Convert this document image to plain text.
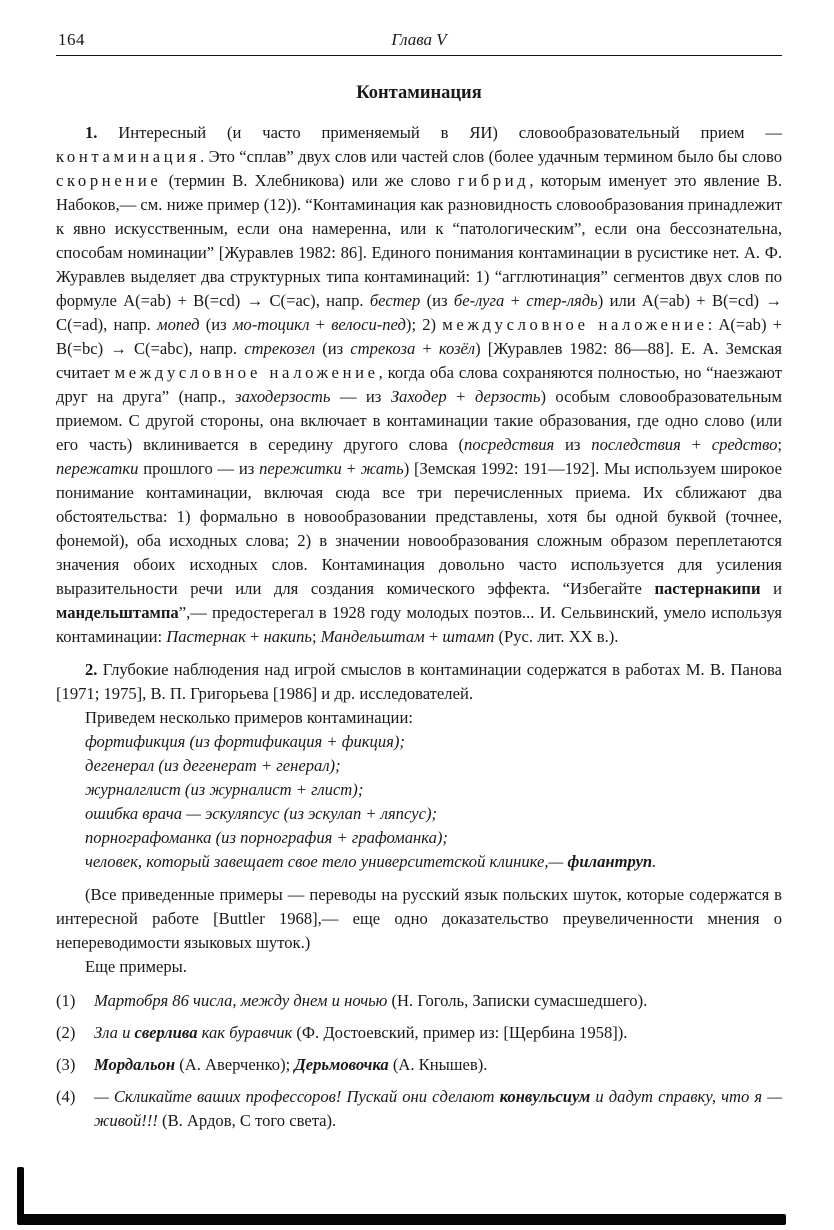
164	Глава V
Контаминация

1. Интересный (и часто применяемый в ЯИ) словообразовательный прием — контаминация. Это “сплав” двух слов или частей слов (более удачным термином было бы слово скорнение (термин В. Хлебникова) или же слово гибрид, которым именует это явление В. Набоков,— см. ниже пример (12)). “Контаминация как разновидность словообразования принадлежит к явно искусственным, если она намеренна, или к “патологическим”, если она бессознательна, способам номинации” [Журавлев 1982: 86]. Единого понимания контаминации в русистике нет. А. Ф. Журавлев выделяет два структурных типа контаминаций: 1) “агглютинация” сегментов двух слов по формуле A(=ab) + B(=cd) → C(=ac), напр. бестер (из бе-луга + стер-лядь) или A(=ab) + B(=cd) → C(=ad), напр. мопед (из мо-тоцикл + велоси-пед); 2) междусловное наложение: A(=ab) + B(=bc) → C(=abc), напр. стрекозел (из стрекоза + козёл) [Журавлев 1982: 86—88]. Е. А. Земская считает междусловное наложение, когда оба слова сохраняются полностью, но “наезжают друг на друга” (напр., заходерзость — из Заходер + дерзость) особым словообразовательным приемом. С другой стороны, она включает в контаминации такие образования, где одно слово (или его часть) вклинивается в середину другого слова (посредствия из последствия + средство; пережатки прошлого — из пережитки + жать) [Земская 1992: 191—192]. Мы используем широкое понимание контаминации, включая сюда все три перечисленных приема. Их сближают два обстоятельства: 1) формально в новообразовании представлены, хотя бы одной буквой (точнее, фонемой), оба исходных слова; 2) в значении новообразования сложным образом переплетаются значения обоих исходных слов. Контаминация довольно часто используется для усиления выразительности речи или для создания комического эффекта. “Избегайте пастернакипи и мандельштампа”,— предостерегал в 1928 году молодых поэтов... И. Сельвинский, умело используя контаминации: Пастернак + накипь; Мандельштам + штамп (Рус. лит. XX в.).

2. Глубокие наблюдения над игрой смыслов в контаминации содержатся в работах М. В. Панова [1971; 1975], В. П. Григорьева [1986] и др. исследователей.

Приведем несколько примеров контаминации:

фортификция (из фортификация + фикция);

дегенерал (из дегенерат + генерал);

журналглист (из журналист + глист);

ошибка врача — эскуляпсус (из эскулап + ляпсус);

порнографоманка (из порнография + графоманка);

человек, который завещает свое тело университетской клинике,— филантруп.

(Все приведенные примеры — переводы на русский язык польских шуток, которые содержатся в интересной работе [Buttler 1968],— еще одно доказательство преувеличенности мнения о непереводимости языковых шуток.)

Еще примеры.

(1)	Мартобря 86 числа, между днем и ночью (Н. Гоголь, Записки сумасшедшего).
(2)	Зла и сверлива как буравчик (Ф. Достоевский, пример из: [Щербина 1958]).
(3)	Мордальон (А. Аверченко); Дерьмовочка (А. Кнышев).
(4)	— Скликайте ваших профессоров! Пускай они сделают конвульсиум и дадут справку, что я — живой!!! (В. Ардов, С того света).
